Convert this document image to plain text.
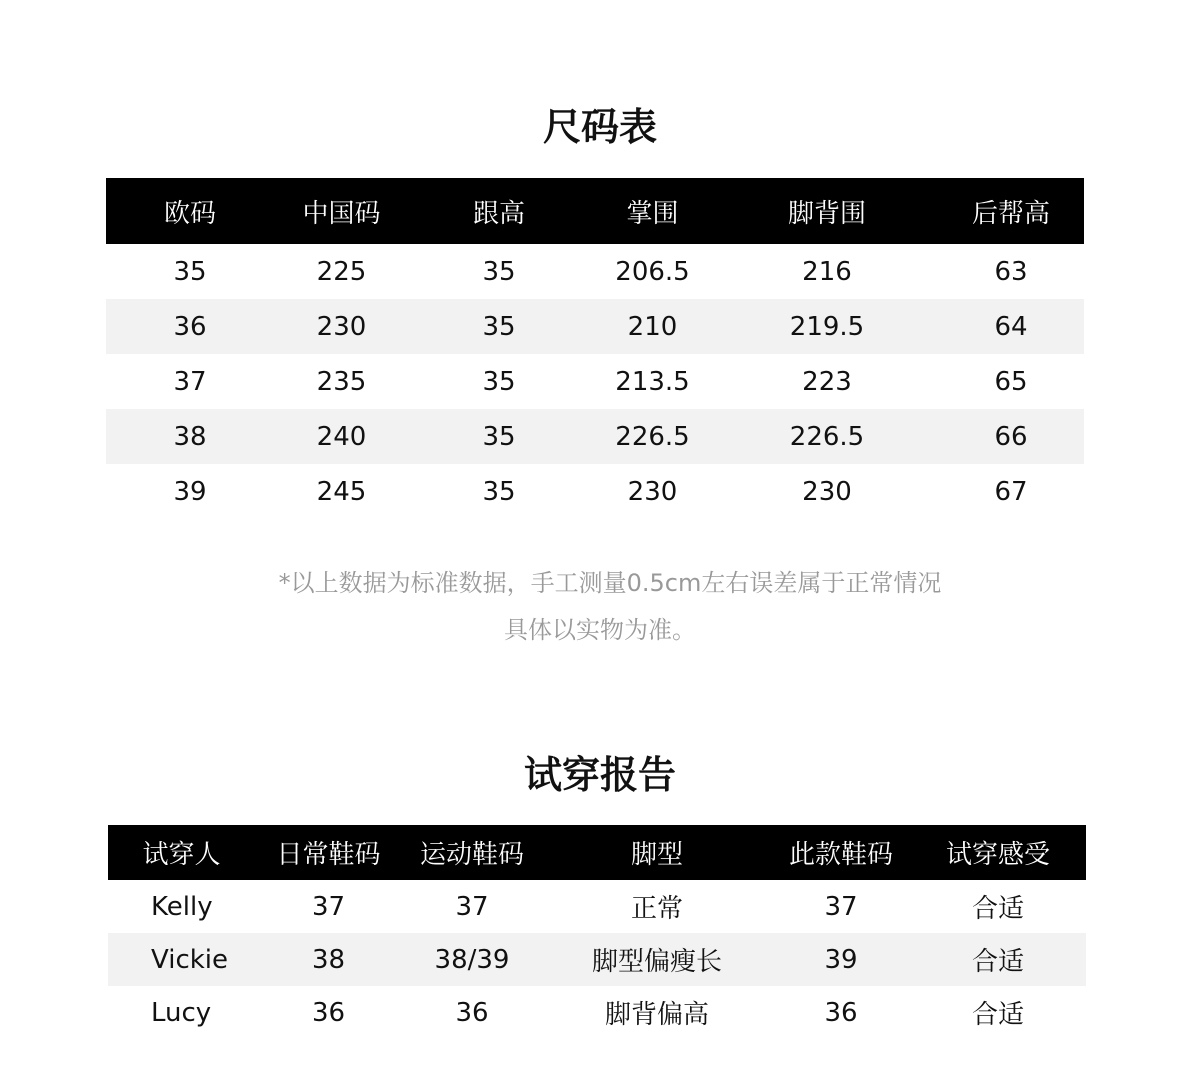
尺码表
欧码	中国码	跟高	掌围	脚背围	后帮高
35	225	35	206.5	216	63
36	230	35	210	219.5	64
37	235	35	213.5	223	65
38	240	35	226.5	226.5	66
39	245	35	230	230	67
*以上数据为标准数据，手工测量0.5cm左右误差属于正常情况
具体以实物为准。
试穿报告
试穿人	日常鞋码	运动鞋码	脚型	此款鞋码	试穿感受
Kelly	37	37	正常	37	合适
Vickie	38	38/39	脚型偏瘦长	39	合适
Lucy	36	36	脚背偏高	36	合适
